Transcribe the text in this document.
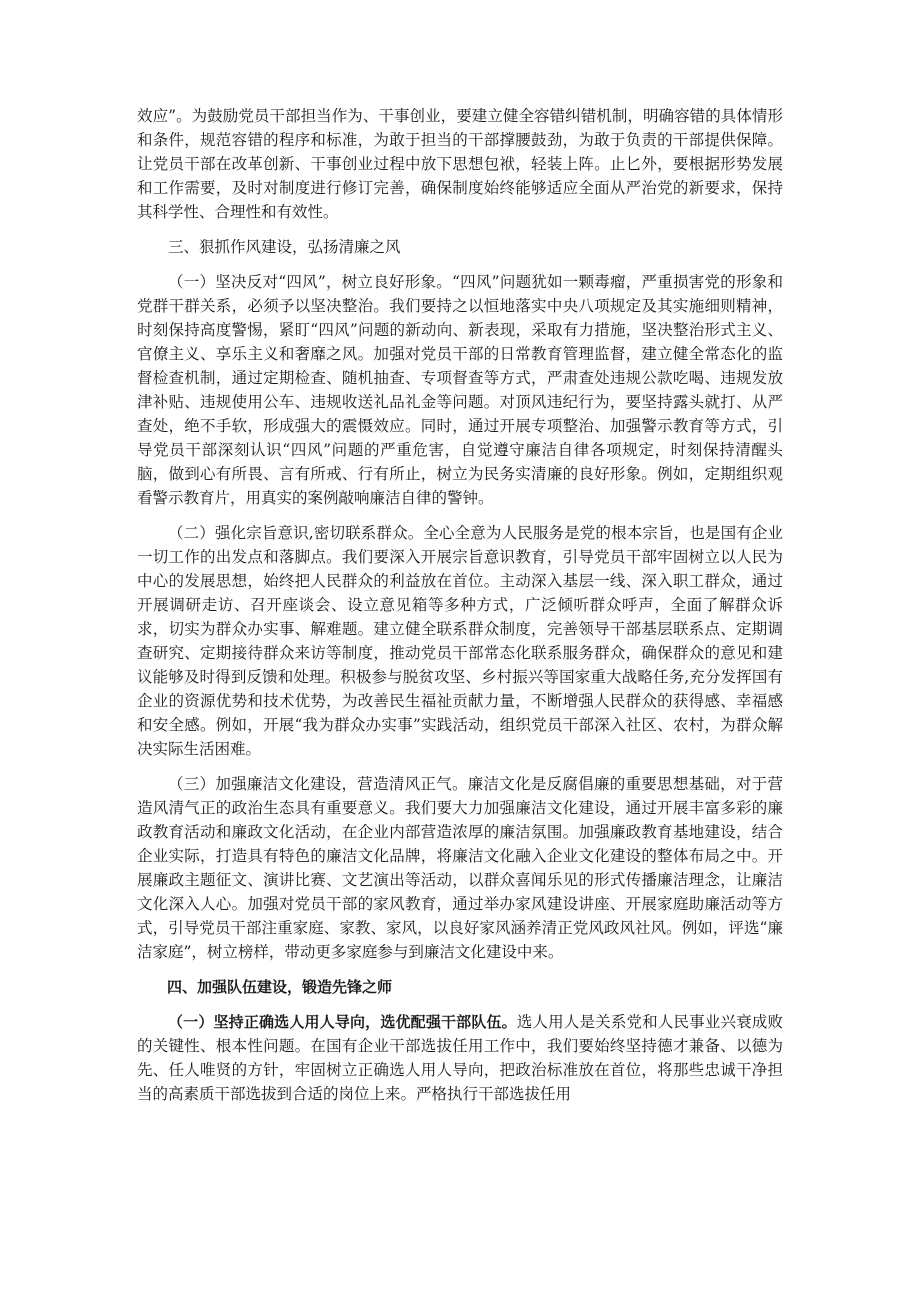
效应”。为鼓励党员干部担当作为、干事创业，要建立健全容错纠错机制，明确容错的具体情形和条件，规范容错的程序和标准，为敢于担当的干部撑腰鼓劲，为敢于负责的干部提供保障。让党员干部在改革创新、干事创业过程中放下思想包袱，轻装上阵。止匕外，要根据形势发展和工作需要，及时对制度进行修订完善，确保制度始终能够适应全面从严治党的新要求，保持其科学性、合理性和有效性。

三、狠抓作风建设，弘扬清廉之风

（一）坚决反对“四风”，树立良好形象。“四风”问题犹如一颗毒瘤，严重损害党的形象和党群干群关系，必须予以坚决整治。我们要持之以恒地落实中央八项规定及其实施细则精神，时刻保持高度警惕，紧盯“四风”问题的新动向、新表现，采取有力措施，坚决整治形式主义、官僚主义、享乐主义和奢靡之风。加强对党员干部的日常教育管理监督，建立健全常态化的监督检查机制，通过定期检查、随机抽查、专项督查等方式，严肃查处违规公款吃喝、违规发放津补贴、违规使用公车、违规收送礼品礼金等问题。对顶风违纪行为，要坚持露头就打、从严查处，绝不手软，形成强大的震慑效应。同时，通过开展专项整治、加强警示教育等方式，引导党员干部深刻认识“四风”问题的严重危害，自觉遵守廉洁自律各项规定，时刻保持清醒头脑，做到心有所畏、言有所戒、行有所止，树立为民务实清廉的良好形象。例如，定期组织观看警示教育片，用真实的案例敲响廉洁自律的警钟。

（二）强化宗旨意识,密切联系群众。全心全意为人民服务是党的根本宗旨，也是国有企业一切工作的出发点和落脚点。我们要深入开展宗旨意识教育，引导党员干部牢固树立以人民为中心的发展思想，始终把人民群众的利益放在首位。主动深入基层一线、深入职工群众，通过开展调研走访、召开座谈会、设立意见箱等多种方式，广泛倾听群众呼声，全面了解群众诉求，切实为群众办实事、解难题。建立健全联系群众制度，完善领导干部基层联系点、定期调查研究、定期接待群众来访等制度，推动党员干部常态化联系服务群众，确保群众的意见和建议能够及时得到反馈和处理。积极参与脱贫攻坚、乡村振兴等国家重大战略任务,充分发挥国有企业的资源优势和技术优势，为改善民生福祉贡献力量，不断增强人民群众的获得感、幸福感和安全感。例如，开展“我为群众办实事”实践活动，组织党员干部深入社区、农村，为群众解决实际生活困难。

（三）加强廉洁文化建设，营造清风正气。廉洁文化是反腐倡廉的重要思想基础，对于营造风清气正的政治生态具有重要意义。我们要大力加强廉洁文化建设，通过开展丰富多彩的廉政教育活动和廉政文化活动，在企业内部营造浓厚的廉洁氛围。加强廉政教育基地建设，结合企业实际，打造具有特色的廉洁文化品牌，将廉洁文化融入企业文化建设的整体布局之中。开展廉政主题征文、演讲比赛、文艺演出等活动，以群众喜闻乐见的形式传播廉洁理念，让廉洁文化深入人心。加强对党员干部的家风教育，通过举办家风建设讲座、开展家庭助廉活动等方式，引导党员干部注重家庭、家教、家风，以良好家风涵养清正党风政风社风。例如，评选“廉洁家庭”，树立榜样，带动更多家庭参与到廉洁文化建设中来。

四、加强队伍建设，锻造先锋之师

（一）坚持正确选人用人导向，选优配强干部队伍。选人用人是关系党和人民事业兴衰成败的关键性、根本性问题。在国有企业干部选拔任用工作中，我们要始终坚持德才兼备、以德为先、任人唯贤的方针，牢固树立正确选人用人导向，把政治标准放在首位，将那些忠诚干净担当的高素质干部选拔到合适的岗位上来。严格执行干部选拔任用
